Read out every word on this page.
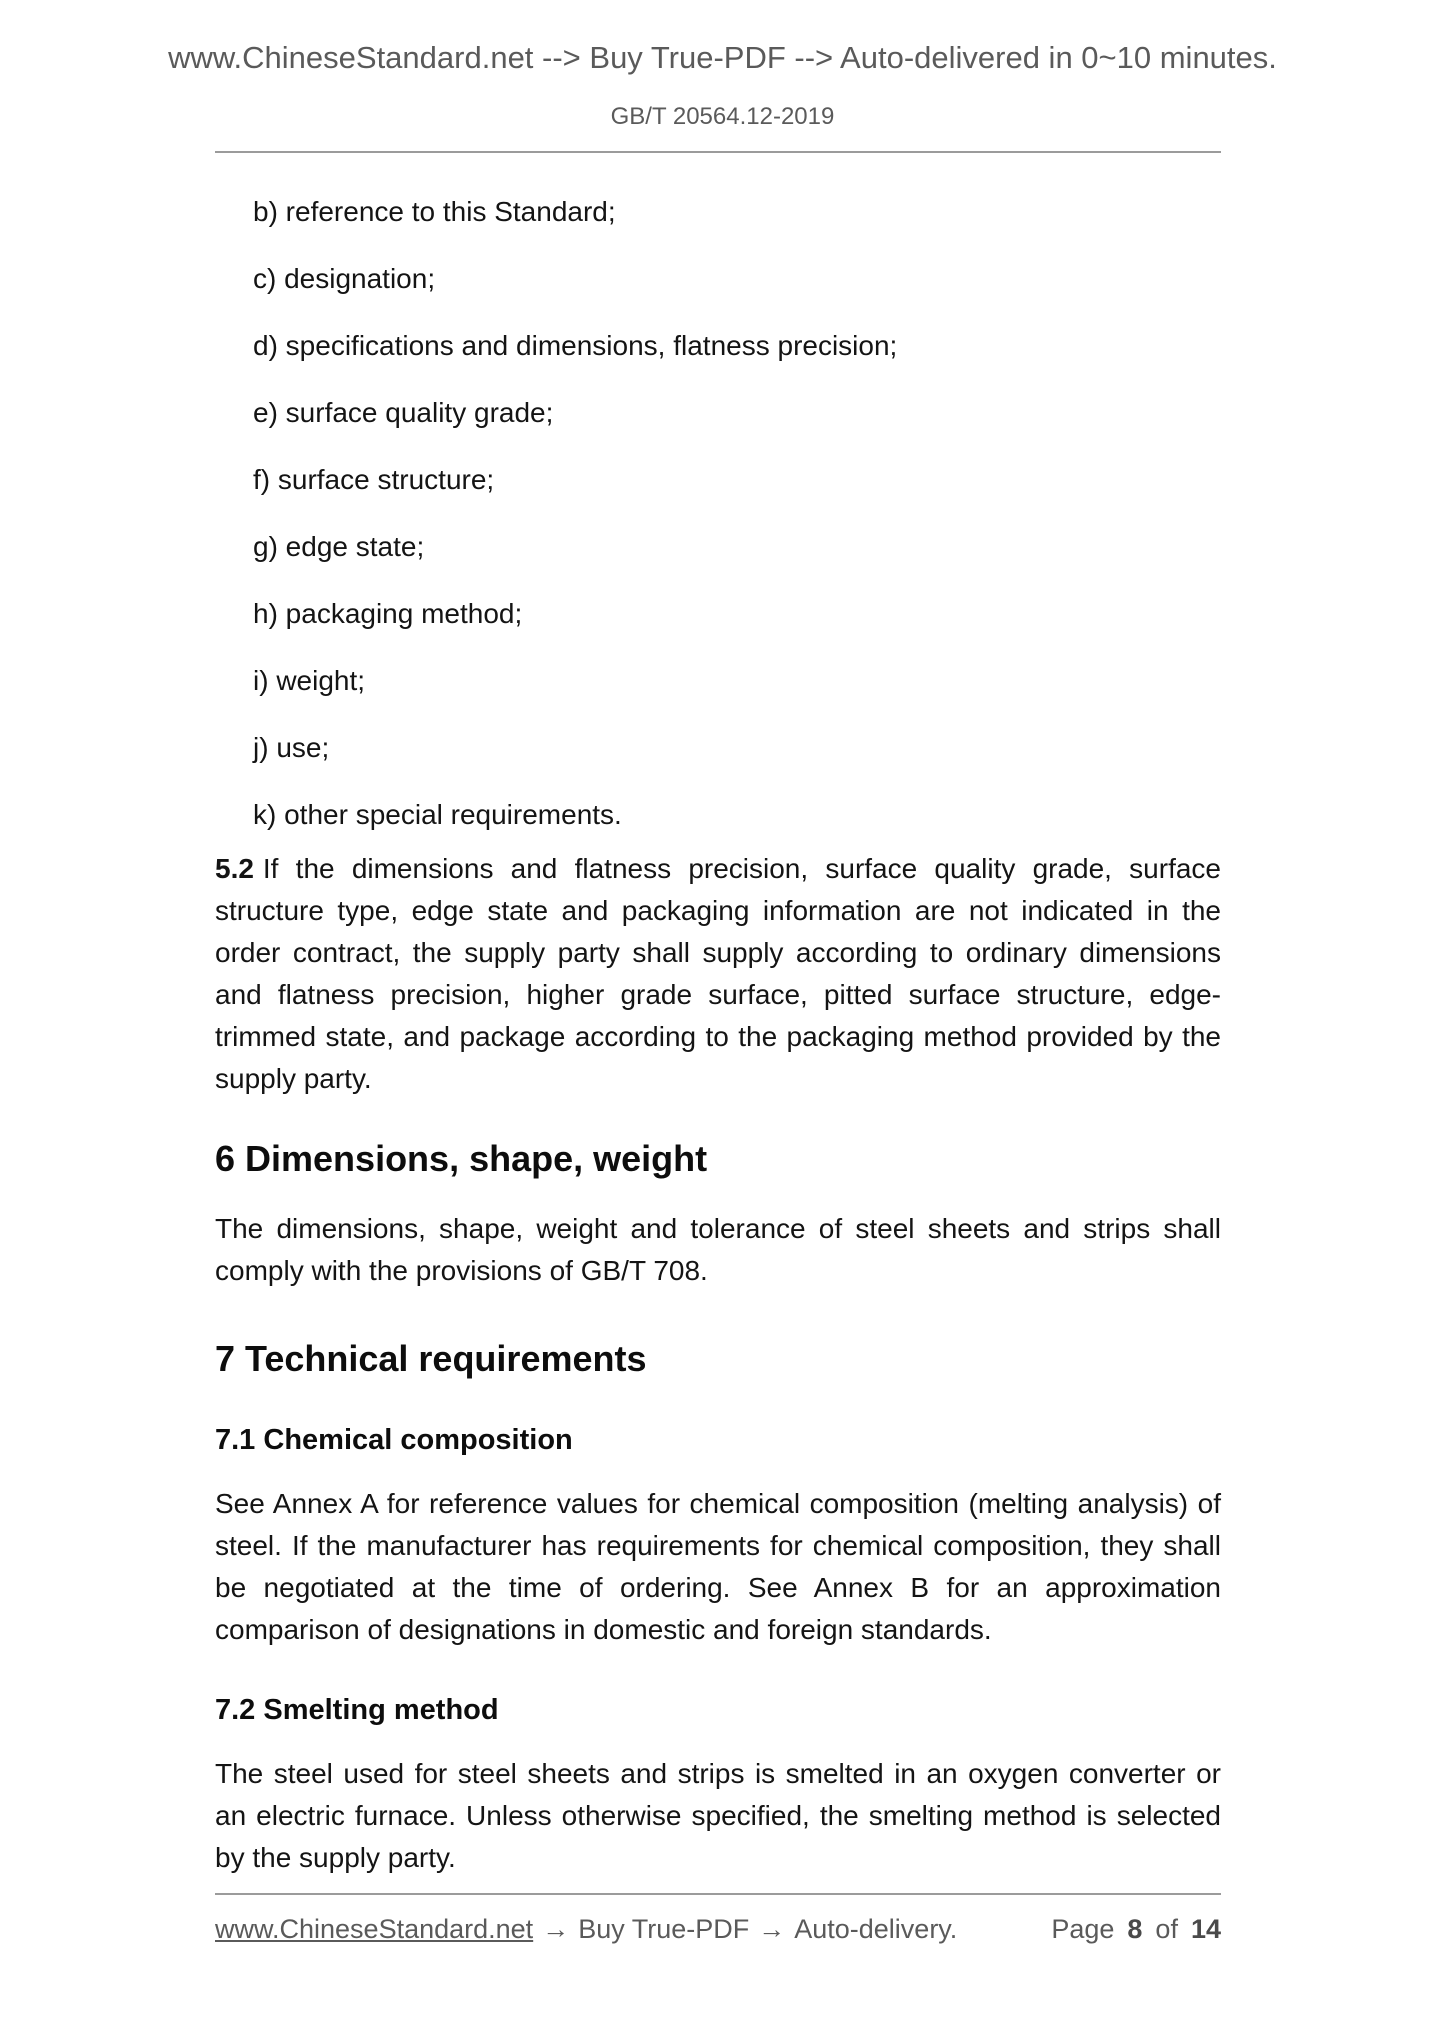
www.ChineseStandard.net --> Buy True-PDF --> Auto-delivered in 0~10 minutes.
GB/T 20564.12-2019
b) reference to this Standard;
c) designation;
d) specifications and dimensions, flatness precision;
e) surface quality grade;
f) surface structure;
g) edge state;
h) packaging method;
i) weight;
j) use;
k) other special requirements.

5.2 If the dimensions and flatness precision, surface quality grade, surface structure type, edge state and packaging information are not indicated in the order contract, the supply party shall supply according to ordinary dimensions and flatness precision, higher grade surface, pitted surface structure, edge-trimmed state, and package according to the packaging method provided by the supply party.

6 Dimensions, shape, weight

The dimensions, shape, weight and tolerance of steel sheets and strips shall comply with the provisions of GB/T 708.

7 Technical requirements
7.1 Chemical composition

See Annex A for reference values for chemical composition (melting analysis) of steel. If the manufacturer has requirements for chemical composition, they shall be negotiated at the time of ordering. See Annex B for an approximation comparison of designations in domestic and foreign standards.

7.2 Smelting method

The steel used for steel sheets and strips is smelted in an oxygen converter or an electric furnace. Unless otherwise specified, the smelting method is selected by the supply party.

www.ChineseStandard.net → Buy True-PDF → Auto-delivery.	Page 8 of 14
